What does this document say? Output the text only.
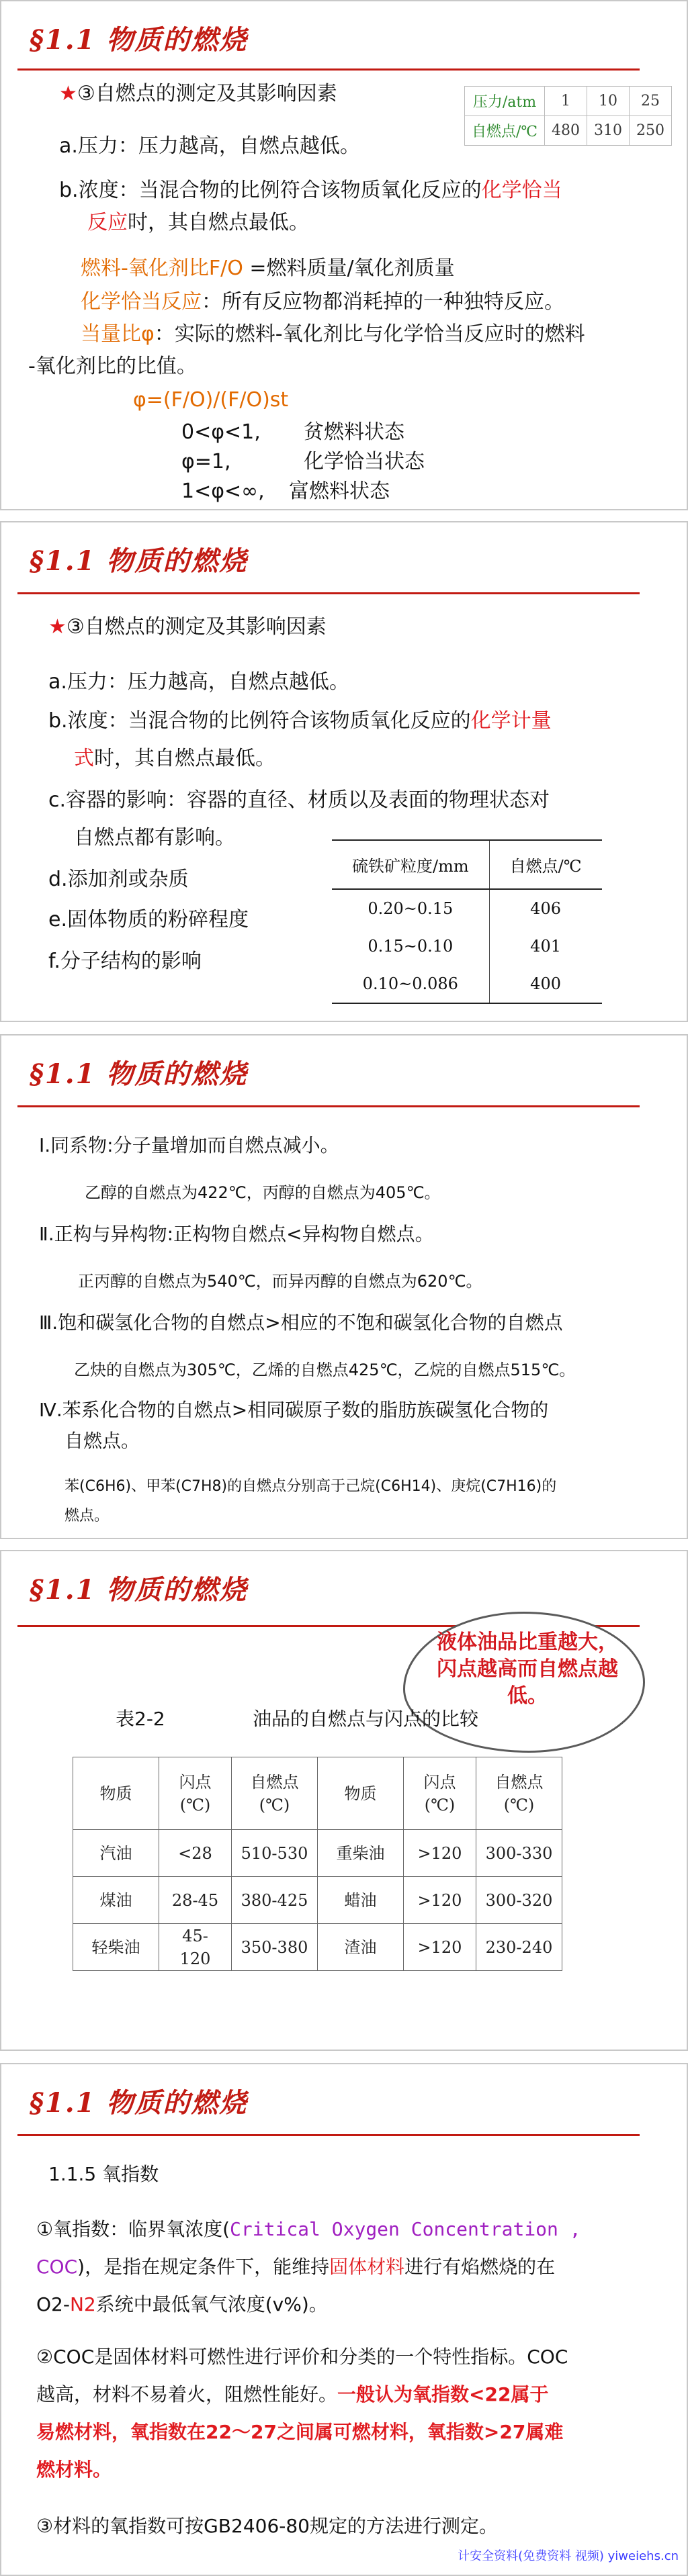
§1.1 物质的燃烧
★③自燃点的测定及其影响因素
a.压力：压力越高，自燃点越低。
b.浓度：当混合物的比例符合该物质氧化反应的化学恰当
反应时，其自燃点最低。
燃料-氧化剂比F/O =燃料质量/氧化剂质量
化学恰当反应：所有反应物都消耗掉的一种独特反应。
当量比φ：实际的燃料-氧化剂比与化学恰当反应时的燃料
-氧化剂比的比值。
φ=(F/O)/(F/O)st
0<φ<1, 贫燃料状态
φ=1,	化学恰当状态
1<φ<∞, 富燃料状态
压力/atm	1	10	25
自燃点/℃	480	310	250
§1.1 物质的燃烧
★③自燃点的测定及其影响因素
a.压力：压力越高，自燃点越低。
b.浓度：当混合物的比例符合该物质氧化反应的化学计量
式时，其自燃点最低。
c.容器的影响：容器的直径、材质以及表面的物理状态对
自燃点都有影响。
d.添加剂或杂质
e.固体物质的粉碎程度
f.分子结构的影响
硫铁矿粒度/mm	自燃点/℃
0.20~0.15	406
0.15~0.10	401
0.10~0.086	400
§1.1 物质的燃烧
Ⅰ.同系物:分子量增加而自燃点减小。
乙醇的自燃点为422℃，丙醇的自燃点为405℃。
Ⅱ.正构与异构物:正构物自燃点<异构物自燃点。
正丙醇的自燃点为540℃，而异丙醇的自燃点为620℃。
Ⅲ.饱和碳氢化合物的自燃点>相应的不饱和碳氢化合物的自燃点
乙炔的自燃点为305℃，乙烯的自燃点425℃，乙烷的自燃点515℃。
Ⅳ.苯系化合物的自燃点>相同碳原子数的脂肪族碳氢化合物的
自燃点。
苯(C6H6)、甲苯(C7H8)的自燃点分别高于己烷(C6H14)、庚烷(C7H16)的
燃点。
§1.1 物质的燃烧
液体油品比重越大，闪点越高而自燃点越低。
表2-2	油品的自燃点与闪点的比较
物质	闪点(℃)	自燃点(℃)	物质	闪点(℃)	自燃点(℃)
汽油	<28	510-530	重柴油	>120	300-330
煤油	28-45	380-425	蜡油	>120	300-320
轻柴油	45-120	350-380	渣油	>120	230-240
§1.1 物质的燃烧
1.1.5 氧指数
①氧指数：临界氧浓度(Critical Oxygen Concentration ,
COC)，是指在规定条件下，能维持固体材料进行有焰燃烧的在
O2-N2系统中最低氧气浓度(v%)。
②COC是固体材料可燃性进行评价和分类的一个特性指标。COC
越高，材料不易着火，阻燃性能好。一般认为氧指数<22属于
易燃材料，氧指数在22～27之间属可燃材料，氧指数>27属难
燃材料。
③材料的氧指数可按GB2406-80规定的方法进行测定。
计安全资料(免费资料 视频) yiweiehs.cn
